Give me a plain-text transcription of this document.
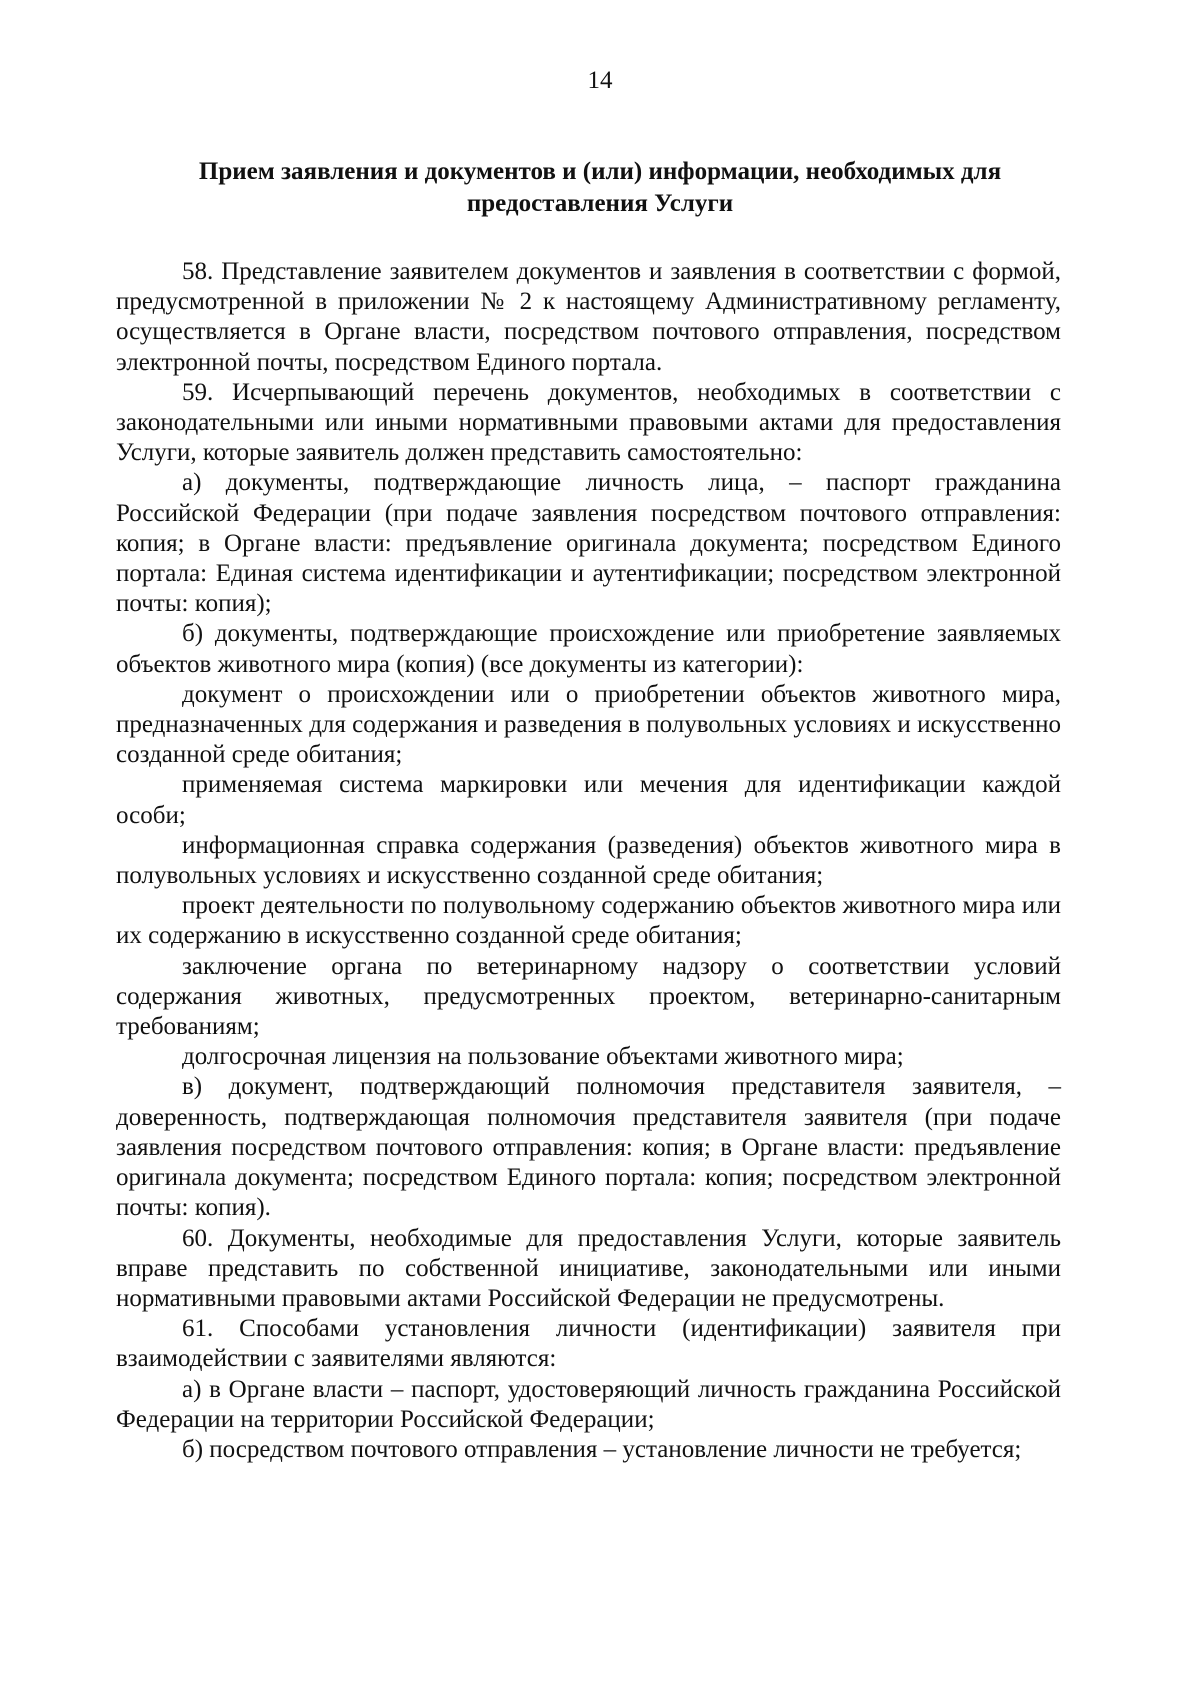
14
Прием заявления и документов и (или) информации, необходимых для предоставления Услуги

58. Представление заявителем документов и заявления в соответствии с формой, предусмотренной в приложении № 2 к настоящему Административному регламенту, осуществляется в Органе власти, посредством почтового отправления, посредством электронной почты, посредством Единого портала.

59. Исчерпывающий перечень документов, необходимых в соответствии с законодательными или иными нормативными правовыми актами для предоставления Услуги, которые заявитель должен представить самостоятельно:

а) документы, подтверждающие личность лица, – паспорт гражданина Российской Федерации (при подаче заявления посредством почтового отправления: копия; в Органе власти: предъявление оригинала документа; посредством Единого портала: Единая система идентификации и аутентификации; посредством электронной почты: копия);

б) документы, подтверждающие происхождение или приобретение заявляемых объектов животного мира (копия) (все документы из категории):

документ о происхождении или о приобретении объектов животного мира, предназначенных для содержания и разведения в полувольных условиях и искусственно созданной среде обитания;

применяемая система маркировки или мечения для идентификации каждой особи;

информационная справка содержания (разведения) объектов животного мира в полувольных условиях и искусственно созданной среде обитания;

проект деятельности по полувольному содержанию объектов животного мира или их содержанию в искусственно созданной среде обитания;

заключение органа по ветеринарному надзору о соответствии условий содержания животных, предусмотренных проектом, ветеринарно-санитарным требованиям;

долгосрочная лицензия на пользование объектами животного мира;

в) документ, подтверждающий полномочия представителя заявителя, – доверенность, подтверждающая полномочия представителя заявителя (при подаче заявления посредством почтового отправления: копия; в Органе власти: предъявление оригинала документа; посредством Единого портала: копия; посредством электронной почты: копия).

60. Документы, необходимые для предоставления Услуги, которые заявитель вправе представить по собственной инициативе, законодательными или иными нормативными правовыми актами Российской Федерации не предусмотрены.

61. Способами установления личности (идентификации) заявителя при взаимодействии с заявителями являются:

а) в Органе власти – паспорт, удостоверяющий личность гражданина Российской Федерации на территории Российской Федерации;

б) посредством почтового отправления – установление личности не требуется;
